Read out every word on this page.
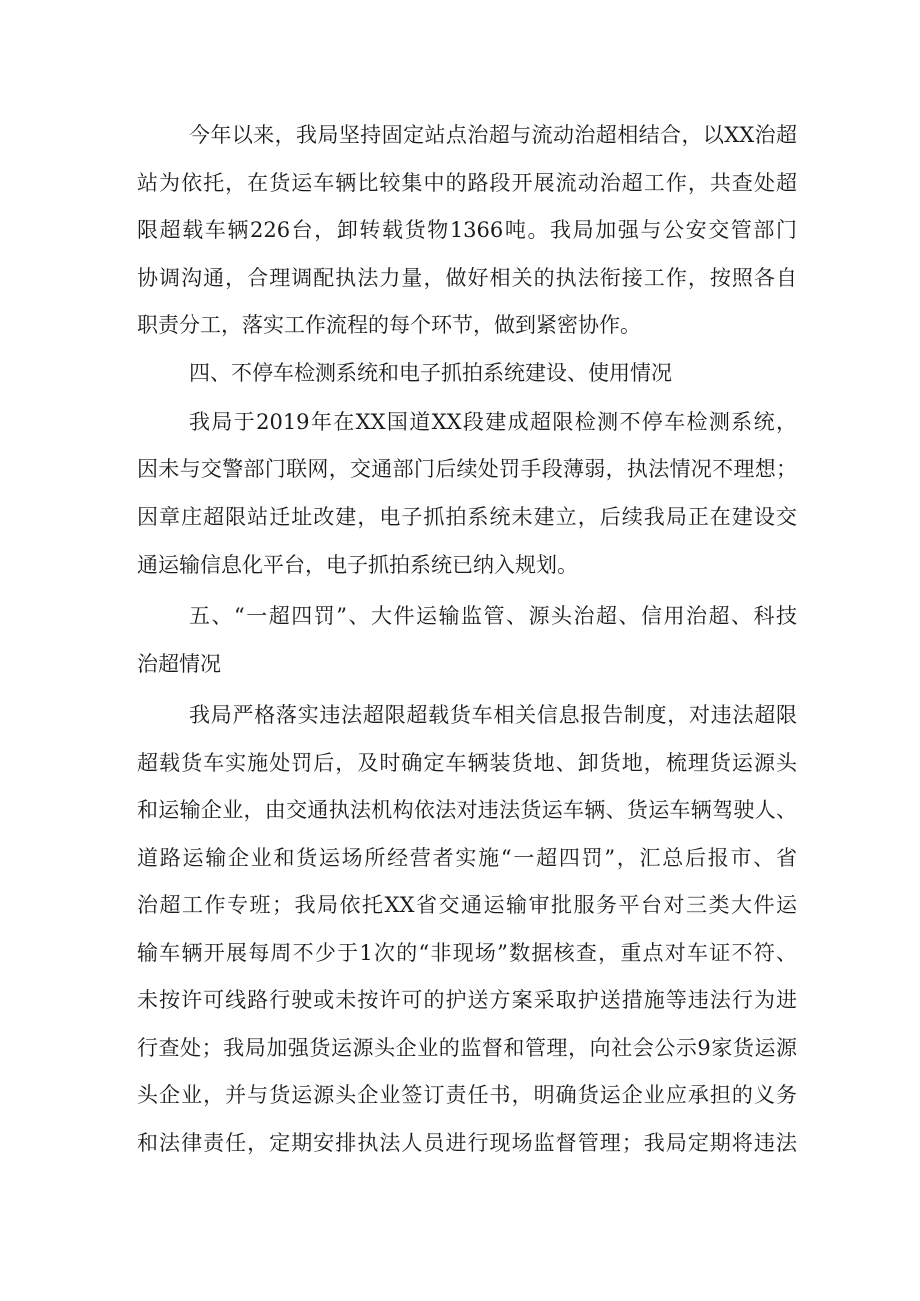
今年以来，我局坚持固定站点治超与流动治超相结合，以XX治超
站为依托，在货运车辆比较集中的路段开展流动治超工作，共查处超
限超载车辆226台，卸转载货物1366吨。我局加强与公安交管部门
协调沟通，合理调配执法力量，做好相关的执法衔接工作，按照各自
职责分工，落实工作流程的每个环节，做到紧密协作。
四、不停车检测系统和电子抓拍系统建设、使用情况
我局于2019年在XX国道XX段建成超限检测不停车检测系统，
因未与交警部门联网，交通部门后续处罚手段薄弱，执法情况不理想；
因章庄超限站迁址改建，电子抓拍系统未建立，后续我局正在建设交
通运输信息化平台，电子抓拍系统已纳入规划。
五、“一超四罚”、大件运输监管、源头治超、信用治超、科技
治超情况
我局严格落实违法超限超载货车相关信息报告制度，对违法超限
超载货车实施处罚后，及时确定车辆装货地、卸货地，梳理货运源头
和运输企业，由交通执法机构依法对违法货运车辆、货运车辆驾驶人、
道路运输企业和货运场所经营者实施“一超四罚”，汇总后报市、省
治超工作专班；我局依托XX省交通运输审批服务平台对三类大件运
输车辆开展每周不少于1次的“非现场”数据核查，重点对车证不符、
未按许可线路行驶或未按许可的护送方案采取护送措施等违法行为进
行查处；我局加强货运源头企业的监督和管理，向社会公示9家货运源
头企业，并与货运源头企业签订责任书，明确货运企业应承担的义务
和法律责任，定期安排执法人员进行现场监督管理；我局定期将违法
